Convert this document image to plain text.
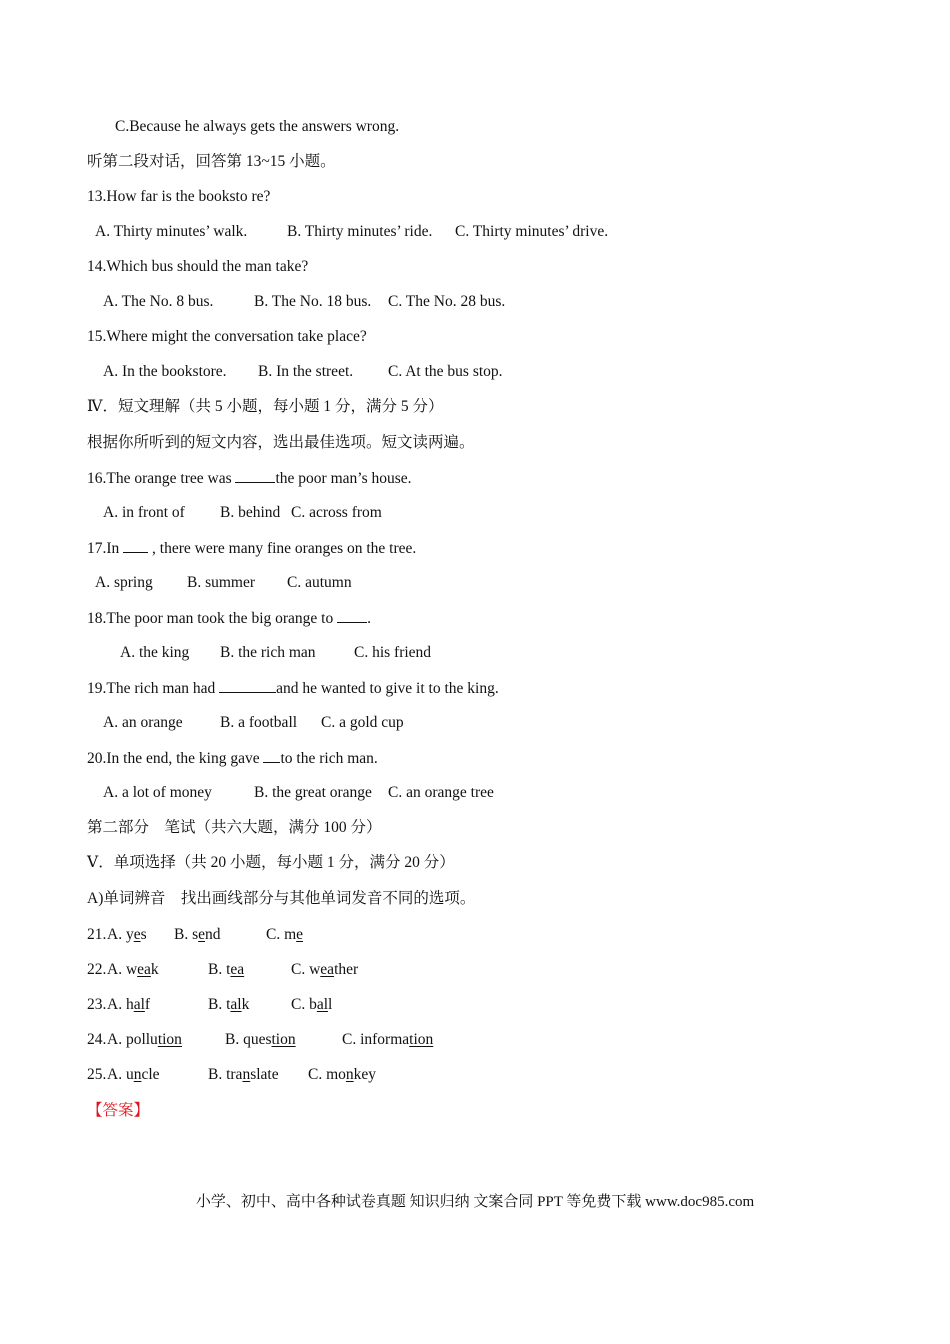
C.Because he always gets the answers wrong.
听第二段对话，回答第 13~15 小题。
13.How far is the booksto re?
A. Thirty minutes’ walk.	B. Thirty minutes’ ride. C. Thirty minutes’ drive.
14.Which bus should the man take?
A. The No. 8 bus.	B. The No. 18 bus. C. The No. 28 bus.
15.Where might the conversation take place?
A. In the bookstore. B. In the street. C. At the bus stop.
Ⅳ．短文理解（共 5 小题，每小题 1 分，满分 5 分）
根据你所听到的短文内容，选出最佳选项。短文读两遍。
16.The orange tree was	the poor man’s house.
A. in front of B. behind C. across from
17.In  , there were many fine oranges on the tree.
A. spring B. summer C. autumn
18.The poor man took the big orange to .
A. the king B. the rich man C. his friend
19.The rich man had	and he wanted to give it to the king.
A. an orange B. a football C. a gold cup
20.In the end, the king gave to the rich man.
A. a lot of money	B. the great orange C. an orange tree
第二部分　笔试（共六大题，满分 100 分）
Ⅴ．单项选择（共 20 小题，每小题 1 分，满分 20 分）
A)单词辨音　找出画线部分与其他单词发音不同的选项。
21. A. yes B. send	C. me
22. A. weak	B. tea	C. weather
23. A. half	B. talk	C. ball
24. A. pollution	B. question	C. information
25. A. uncle	B. translate C. monkey
【答案】
小学、初中、高中各种试卷真题 知识归纳 文案合同 PPT 等免费下载 www.doc985.com
